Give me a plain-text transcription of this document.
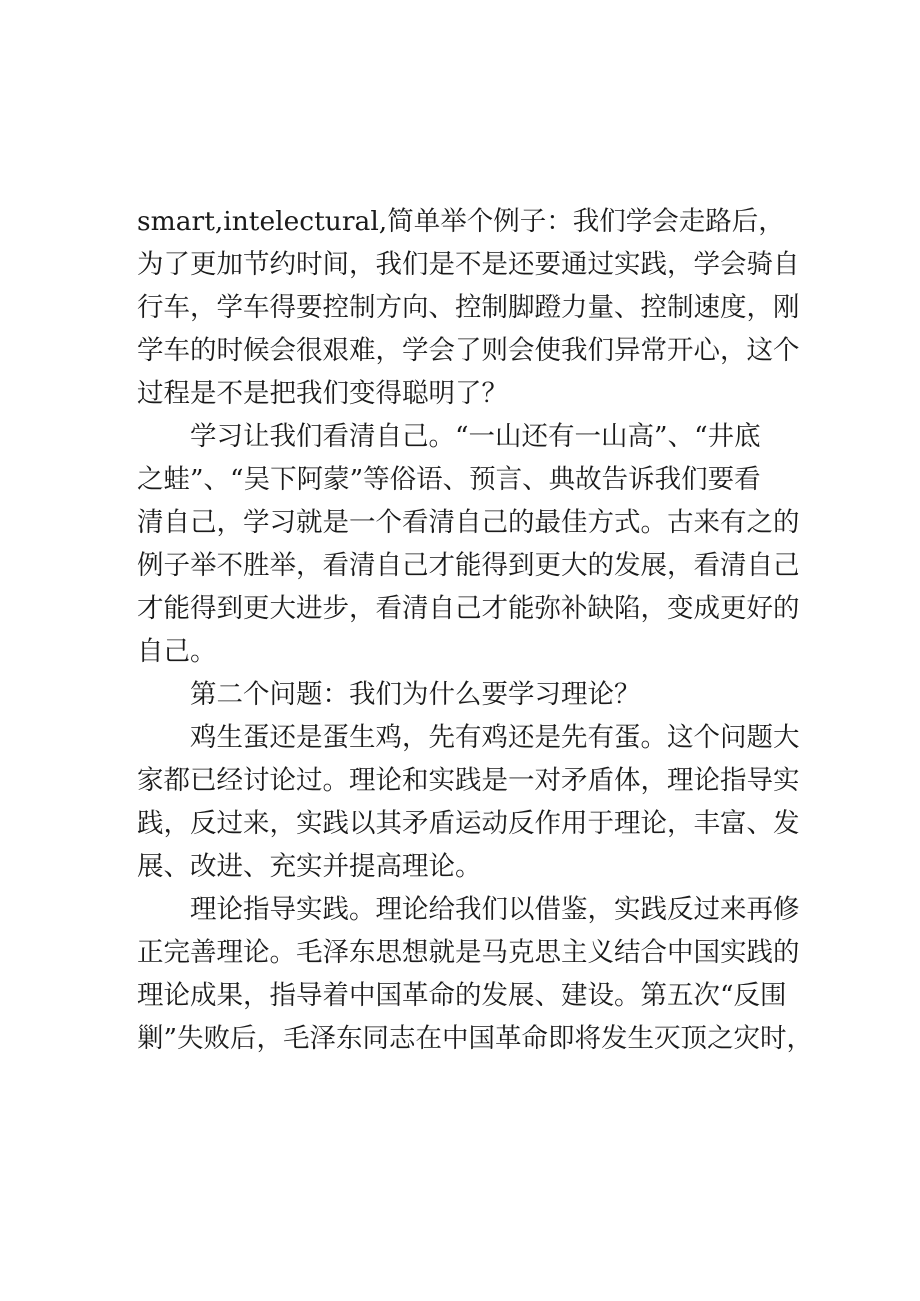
smart,intelectural,简单举个例子：我们学会走路后，
为了更加节约时间，我们是不是还要通过实践，学会骑自
行车，学车得要控制方向、控制脚蹬力量、控制速度，刚
学车的时候会很艰难，学会了则会使我们异常开心，这个
过程是不是把我们变得聪明了？
学习让我们看清自己。“一山还有一山高”、“井底
之蛙”、“吴下阿蒙”等俗语、预言、典故告诉我们要看
清自己，学习就是一个看清自己的最佳方式。古来有之的
例子举不胜举，看清自己才能得到更大的发展，看清自己
才能得到更大进步，看清自己才能弥补缺陷，变成更好的
自己。
第二个问题：我们为什么要学习理论？
鸡生蛋还是蛋生鸡，先有鸡还是先有蛋。这个问题大
家都已经讨论过。理论和实践是一对矛盾体，理论指导实
践，反过来，实践以其矛盾运动反作用于理论，丰富、发
展、改进、充实并提高理论。
理论指导实践。理论给我们以借鉴，实践反过来再修
正完善理论。毛泽东思想就是马克思主义结合中国实践的
理论成果，指导着中国革命的发展、建设。第五次“反围
剿”失败后，毛泽东同志在中国革命即将发生灭顶之灾时，
